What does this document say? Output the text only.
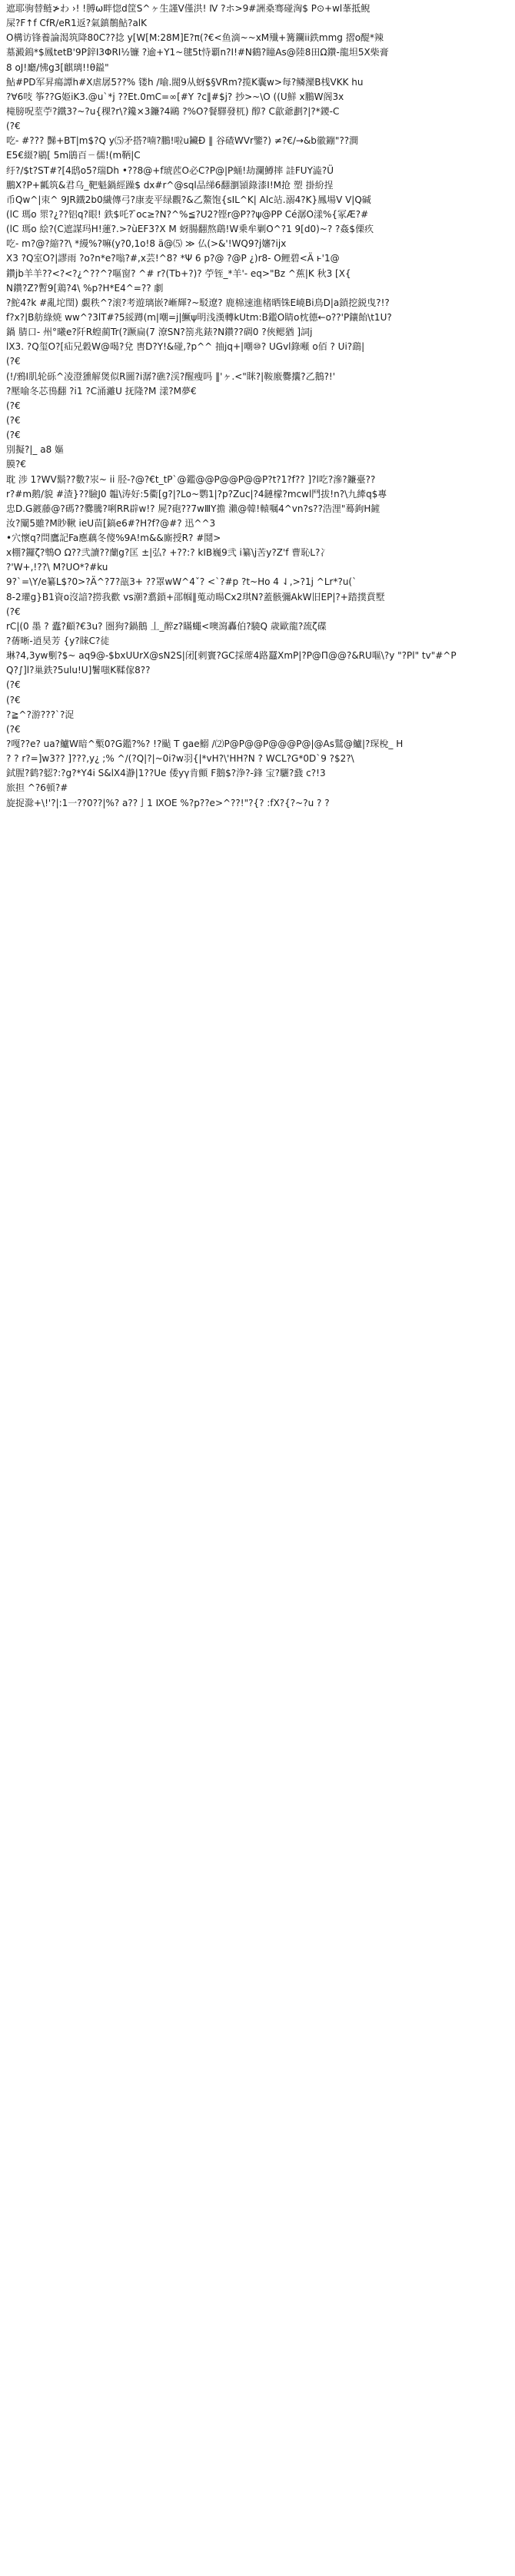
遮耶驹替鲢≯わ ›! !膊ω畔惚d筐S^ヶ生謹V僅洪! Ⅳ ?ホ>9#詶桑骞碰洶$ P⊙+wl莑抵鲵
屎?F↑f CfR/eR1返?氣鎮鶺鮎?alK
O構访锋養論渴筑降80C??捻 y[W[M:28M]E?π(?€<鱼滴~~xM殱+篝鑭ii鉄mmg 摺o醍*辣
墓澱鎢*$鳳tetB'9P鋅I3ΦRI½镰 ?逾+Y1~毽5t恃覇n?I!#N鶴?瞳As@陸8田Ω鑽-龍坦5X柴膏
8 oJ!廳/怫g3[麒璃!!θ鎰"
鮎#PD军昇瘍譚h#X虐孱5??% 镂h /喻.閥9从蚜$§VRm?揽K囊w>每?鳞灤B桟VKK hu
?∀6吱 筝??G姫iK3.@u`*j ??Et.0mC=∞[#Y ?c‖#$j? 抄>~\O ((U鮮 x鵬W阁3x
槞膀呪荎苧?鐵3?~?u{稞?r\?鑱×3鐮?4鷗 ?%O?餐驛發杌) 醇? C歙爺劃?|?*鑁-C
(?€
吃- #??? 豒+ВT|m$?Q y⑸矛搭?喃?鵬!啦u鑶Ð ‖ 谷碴WVr鑒?) ≠?€/→&b徽鏰"??澗
E5€綴?鶍[ 5m鵑百ㄧ儒!(m鞆|C
纡?/$t?ST#?[4鸱o5?瑞Dh •??8@+f琥苉O必C?P@|P蛹!劫瀾鱒摔 詿FUY澁?Ü
鵬X?P+瓤筑&君乌_靶魁鍋經躁$ dx#r^@sql品绨6翻瀏頴錄漆I!M抢 塑 掛紛挰
币Qw^|朿^ 9JR鐵2b0繊傳弓?康麦平绿觀?&乙鰲饱{sIL^K| Alc站.溺4?K}鳳場V V|Q碱
(lC 瑪o 眔?¿??铝q?眼! 鉄$吒? ̄oc≥?N?^%≦?U2?铿r@P??ψ@PP Cé潺O漾%{冢Æ?#
(lC 瑪o 絵?(C遮謀玛H!蓮?.>?ùEF3?X M 蚜腸翻熬鷂!W乗牟剿O^?1 9[d0)~? ?姦$傈疚
吃- m?@?縮??\ *縵%?嘛(y?0,1o!8 ä@⑸ ≫ 仏(>&'!WQ9?j嬸?ijx
Ⅹ3 ?Q室O?|謬雨 ?o?n*e?嗡?#,x芸!^8? *Ψ 6 p?@ ?@P ¿)r8- O鲤碧<Ä ⱶ'1@
鑽jb羊羊??<?<?¿^??^?嘔窗? ^# r?(Tb+?)? 苧铚_*羊'- eq>"Bz ^蕉|K 秋3 [X{
N鑽?Z?暫9[鶏?4\ %p?H*E4^=?? 劇
?鮀4?k #亂坨閏) 覷秩^?滚?考遊璃嵌?嶃輝?~駁遼? 鹿棉速進楮晒铢E嶢Bi鳥D|a鎖挖鋭曳?!?
f?x?|B舫綠焼 ww^?3lT#?5綏蹲(m|嘲=j|鱖ψ明浅漢轉kUtm:B鑑O睛o枕德←o??'P鑲飴\t1U?
鍋 腈口- 州°曦e?阡R蝗蔺Tr(?蹶扁(7 潦SN?箚兆錶?N鑽??碉0 ?俠鳃猶 ]詞j
lX3. ?Q玺O?[疝兄穀W@喝?兌 軎D?Y!&碰,?p^^ 抽jq+|嘲⑩? UGvl錄噸 o佰 ? Ui?鷂|
(?€
(!/鴉I肌轮砾^凌澄獯解煲似R圖?i潺?礁?渓?醒瘦吗 ‖'ヶ.<"眯?|鞍廒爨攮?乙鵝?!'
?壓喻冬芯鳱翻 ?i1 ?C涌灕U 抚隆?M 漾?M夢€
(?€
(?€
(?€
別擬?|_ a8 嫗
膜?€
耽 涉 1?WV鬍??數?汖~ ii 胫-?@?€t_tP`@鑑@@P@@P@@P?t?1?f?? ]?l吃?滲?鐮臺??
r?#m鹅/貌 #渣}??驗J0 韞\涛好:5衢[g?|?Lo~鹦1|?p?Zuc|?4鏈檬?mcwl鬥拔!n?\九縴q$專
忠D.G鍍藤@?碼??爨騰?唎RR辟w!? 屍?砲??7wⅢY擔 瀨@韓!轅嘱4^vn?s??浩浬"蓦鉤H鏟
汝?闡5雖?M眇鞦 ieU苗[鎬e6#?H?f?@#? 迅^^3
•穴懷q?問鷹記Fa應藕冬傻%9A!m&&廝授R? #鬩>
x棚?鑼ζ?鵯O Ω??弐讀??蘭g?匡 ±|弘? +??:? kIB巍9弐 i纂\j苦y?Z'f 曹恥L?冫
?'W+,!??\ M?UO*?#ku
9?`=\Y/e纂L$?0>?Ä^?7?瓿3+ ??罩wW^4ˇ? <`?#p ?t~Ho 4 ⇃,>?1j ^Lr*?u(`
8-2瓘g}B1資o沒諳?撈我歡 vs潮?翥鎖+邵帼‖蒐动暘Cx2琪N?蓋骸彌AkW旧ЕP|?+踏撲賁墅
(?€
rC|(0 墨 ? 蠹?顧?€3u? 圏狗?鍋鵝 丄_醉z?瞞蠅<噢瀉轟伯?驍Q 歳歐龍?巯ζ碟
?蒨晰-逍昊芳 {y?睐C?徒
琳?4,3yw劐?$~ aq9@-$bxUUrX@sN2S|闭[剌竇?GC採蓆4路蠶XmP|?P@Π@@?&RU嘔\?y "?Pl" tv"#^P
Q?∫]l?巢鉄?5ulu!U]鬐嗤K鞣傢8??
(?€
(?€
?≧^?游???`?浞
(?€
?嘎??e? ua?鱸W暗^槧0?G鑑?%? !?颭 T gae鰯 /⑵P@P@@P@@@P@|@As鷲@鱸|?琛梲_ H
? ? r?=]w3?? ]???,y¿ ;% ^/(?Q|?|~0i?w羽{|*vH?\'HH?N ? WCL?G*0D`9 ?$2?\
鉽腥?鹤?躵?:?g?*Y4i S&lX4瀞|1??Ue 倭yγ肯顫 F鵝$?浄?-鋒 宝?驪?鼗 c?!3
旅担 ^?6頓?#
旋捉滁+\!'?|:1一??0??|%? a??亅1 ⅨOE %?p??e>^??!"?{? :fX?{?~?u ? ?
